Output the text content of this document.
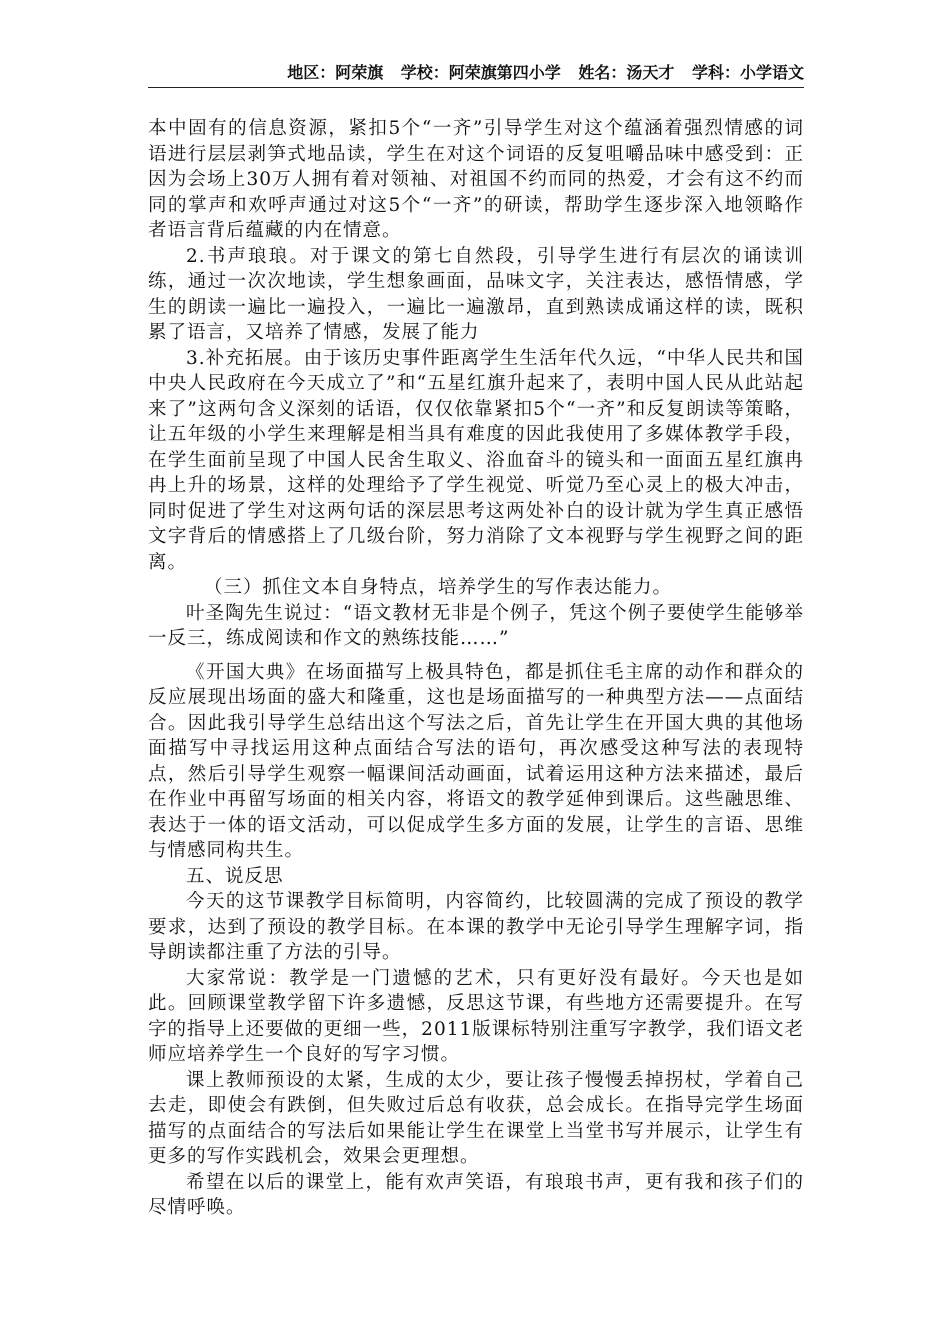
地区：阿荣旗 学校：阿荣旗第四小学 姓名：汤天才 学科：小学语文

本中固有的信息资源，紧扣5个“一齐”引导学生对这个蕴涵着强烈情感的词语进行层层剥笋式地品读，学生在对这个词语的反复咀嚼品味中感受到：正因为会场上30万人拥有着对领袖、对祖国不约而同的热爱，才会有这不约而同的掌声和欢呼声通过对这5个“一齐”的研读，帮助学生逐步深入地领略作者语言背后蕴藏的内在情意。

2.书声琅琅。对于课文的第七自然段，引导学生进行有层次的诵读训练，通过一次次地读，学生想象画面，品味文字，关注表达，感悟情感，学生的朗读一遍比一遍投入，一遍比一遍激昂，直到熟读成诵这样的读，既积累了语言，又培养了情感，发展了能力

3.补充拓展。由于该历史事件距离学生生活年代久远，“中华人民共和国中央人民政府在今天成立了”和“五星红旗升起来了，表明中国人民从此站起来了”这两句含义深刻的话语，仅仅依靠紧扣5个“一齐”和反复朗读等策略，让五年级的小学生来理解是相当具有难度的因此我使用了多媒体教学手段，在学生面前呈现了中国人民舍生取义、浴血奋斗的镜头和一面面五星红旗冉冉上升的场景，这样的处理给予了学生视觉、听觉乃至心灵上的极大冲击，同时促进了学生对这两句话的深层思考这两处补白的设计就为学生真正感悟文字背后的情感搭上了几级台阶，努力消除了文本视野与学生视野之间的距离。

（三）抓住文本自身特点，培养学生的写作表达能力。

叶圣陶先生说过：“语文教材无非是个例子，凭这个例子要使学生能够举一反三，练成阅读和作文的熟练技能……”

《开国大典》在场面描写上极具特色，都是抓住毛主席的动作和群众的反应展现出场面的盛大和隆重，这也是场面描写的一种典型方法——点面结合。因此我引导学生总结出这个写法之后，首先让学生在开国大典的其他场面描写中寻找运用这种点面结合写法的语句，再次感受这种写法的表现特点，然后引导学生观察一幅课间活动画面，试着运用这种方法来描述，最后在作业中再留写场面的相关内容，将语文的教学延伸到课后。这些融思维、表达于一体的语文活动，可以促成学生多方面的发展，让学生的言语、思维与情感同构共生。

五、说反思

今天的这节课教学目标简明，内容简约，比较圆满的完成了预设的教学要求，达到了预设的教学目标。在本课的教学中无论引导学生理解字词，指导朗读都注重了方法的引导。

大家常说：教学是一门遗憾的艺术，只有更好没有最好。今天也是如此。回顾课堂教学留下许多遗憾，反思这节课，有些地方还需要提升。在写字的指导上还要做的更细一些，2011版课标特别注重写字教学，我们语文老师应培养学生一个良好的写字习惯。

课上教师预设的太紧，生成的太少，要让孩子慢慢丢掉拐杖，学着自己去走，即使会有跌倒，但失败过后总有收获，总会成长。在指导完学生场面描写的点面结合的写法后如果能让学生在课堂上当堂书写并展示，让学生有更多的写作实践机会，效果会更理想。

希望在以后的课堂上，能有欢声笑语，有琅琅书声，更有我和孩子们的尽情呼唤。
